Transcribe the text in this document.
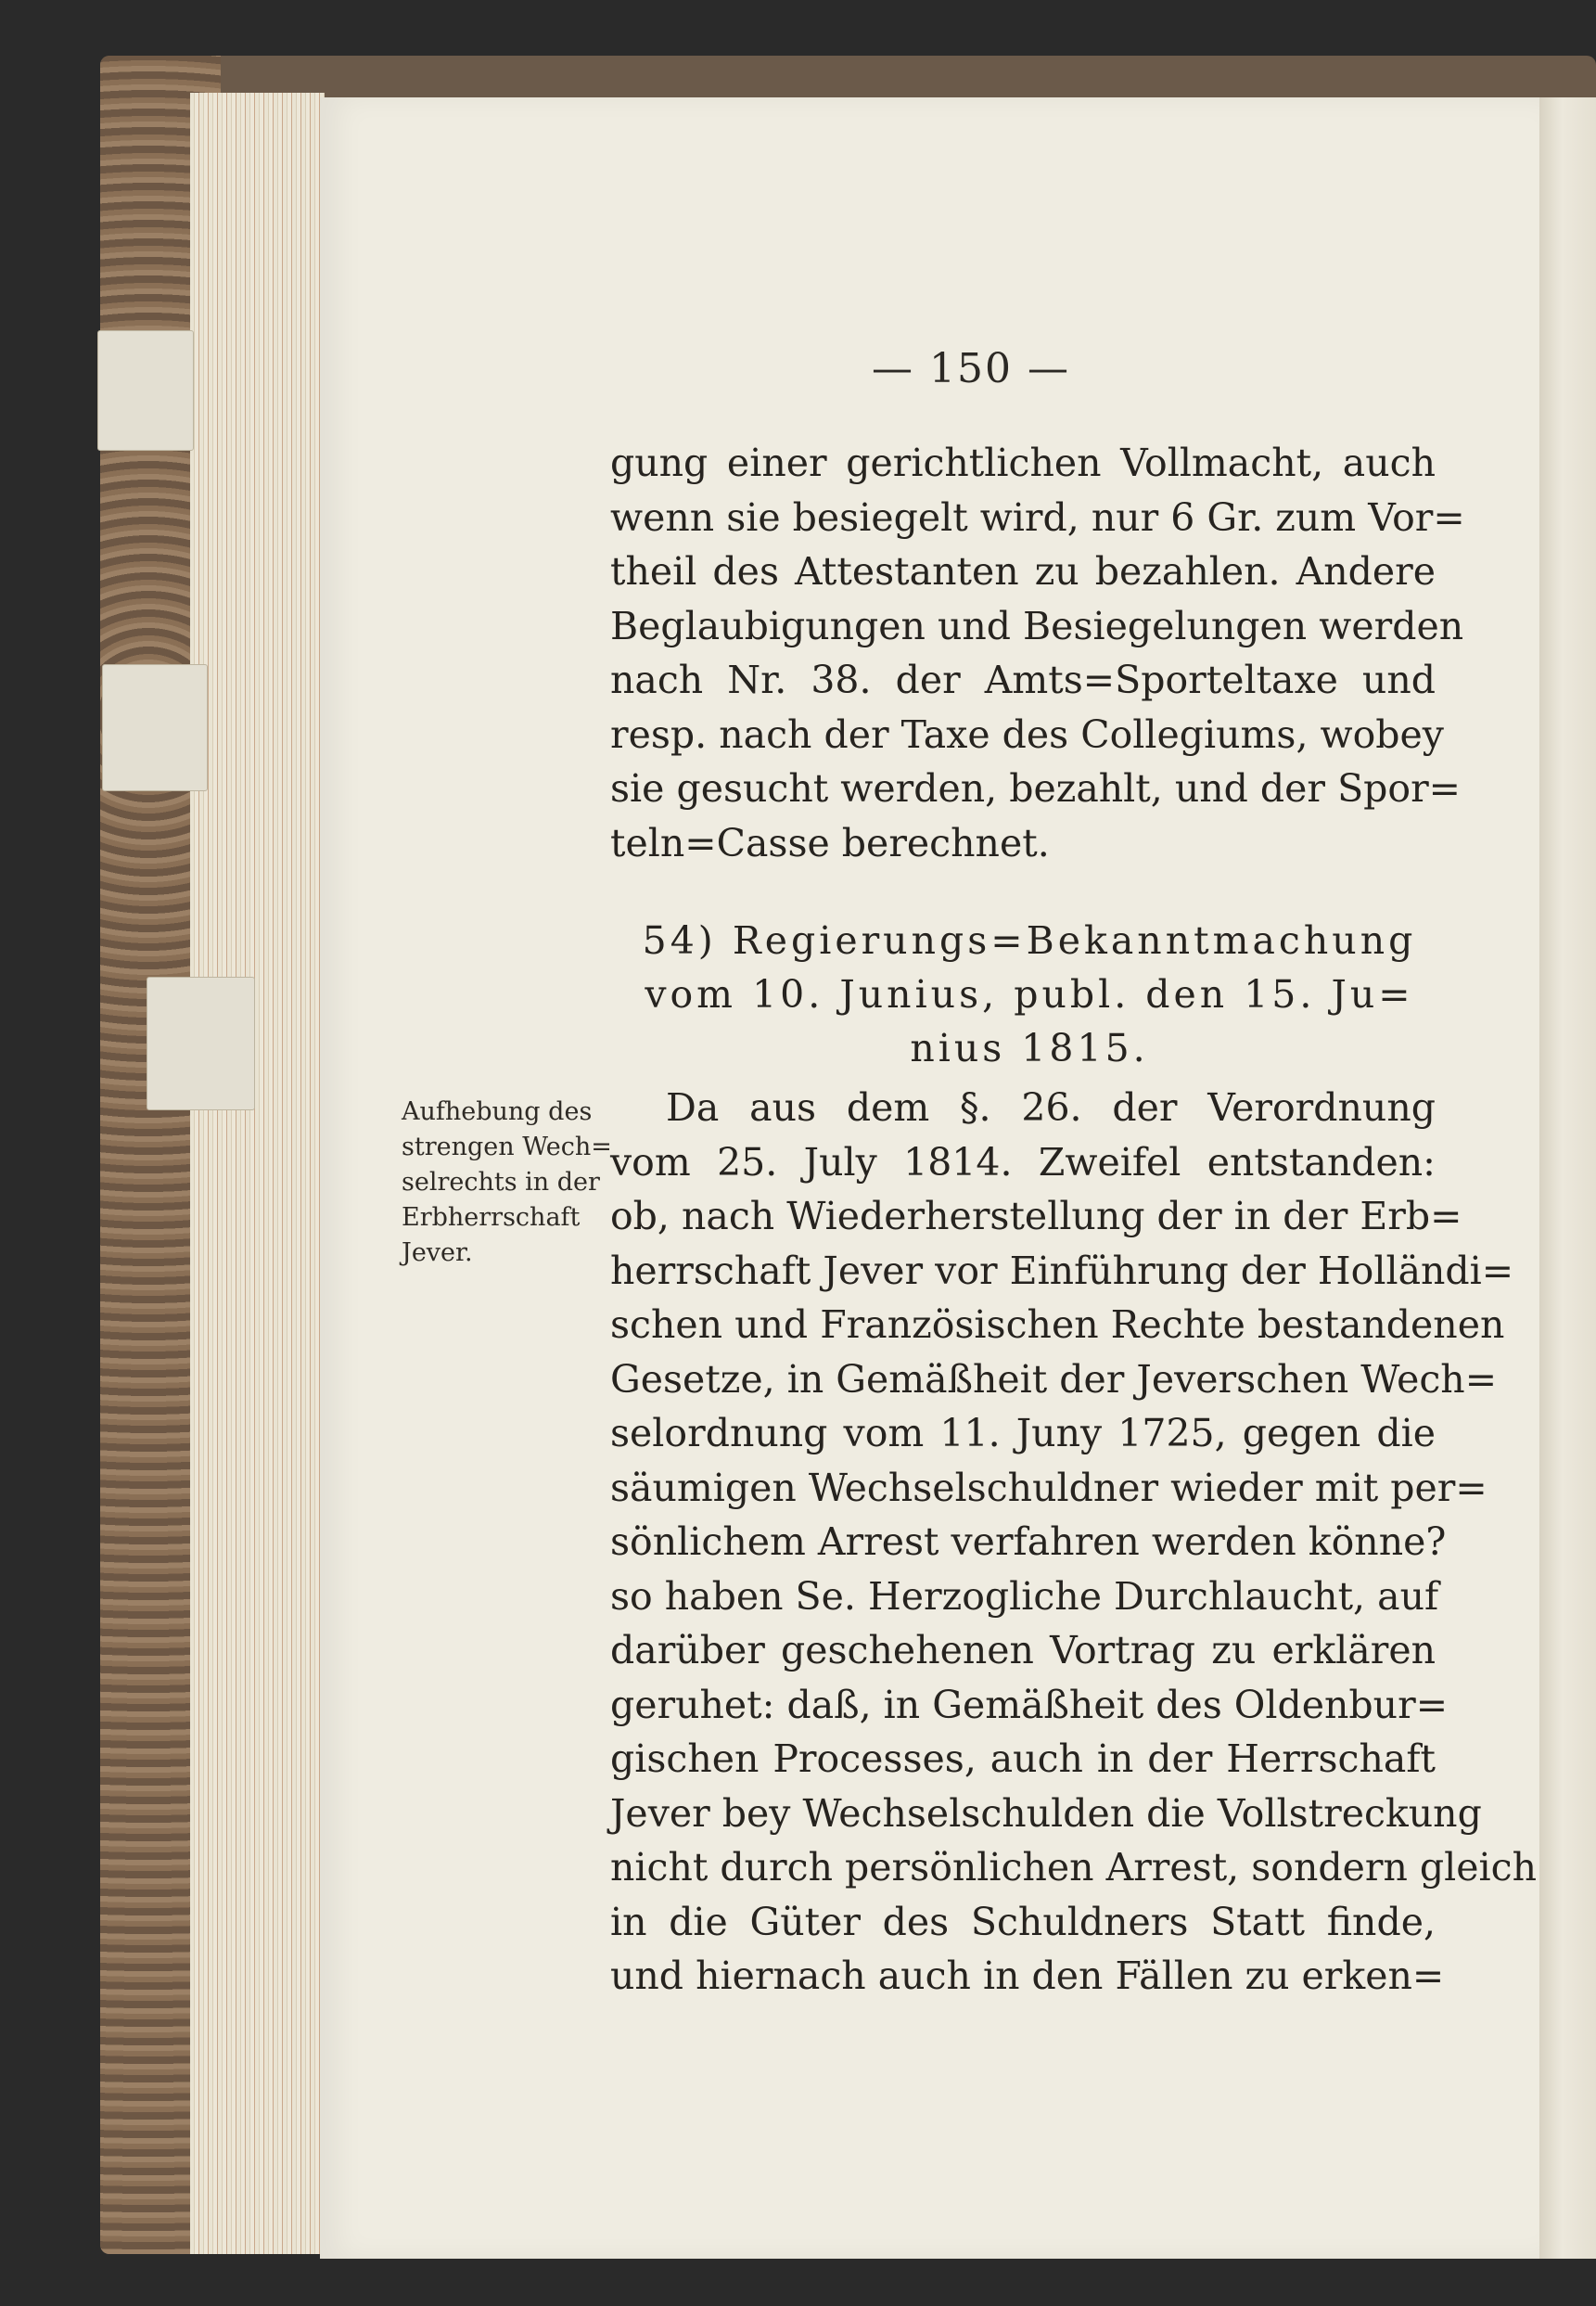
— 150 —
gung einer gerichtlichen Vollmacht, auch
wenn sie besiegelt wird, nur 6 Gr. zum Vor=
theil des Attestanten zu bezahlen. Andere
Beglaubigungen und Besiegelungen werden
nach Nr. 38. der Amts=Sporteltaxe und
resp. nach der Taxe des Collegiums, wobey
sie gesucht werden, bezahlt, und der Spor=
teln=Casse berechnet.
54) Regierungs=Bekanntmachung
vom 10. Junius, publ. den 15. Ju=
nius 1815.
Aufhebung des
strengen Wech=
selrechts in der
Erbherrschaft
Jever.
Da aus dem §. 26. der Verordnung
vom 25. July 1814. Zweifel entstanden:
ob, nach Wiederherstellung der in der Erb=
herrschaft Jever vor Einführung der Holländi=
schen und Französischen Rechte bestandenen
Gesetze, in Gemäßheit der Jeverschen Wech=
selordnung vom 11. Juny 1725, gegen die
säumigen Wechselschuldner wieder mit per=
sönlichem Arrest verfahren werden könne?
so haben Se. Herzogliche Durchlaucht, auf
darüber geschehenen Vortrag zu erklären
geruhet: daß, in Gemäßheit des Oldenbur=
gischen Processes, auch in der Herrschaft
Jever bey Wechselschulden die Vollstreckung
nicht durch persönlichen Arrest, sondern gleich
in die Güter des Schuldners Statt finde,
und hiernach auch in den Fällen zu erken=
